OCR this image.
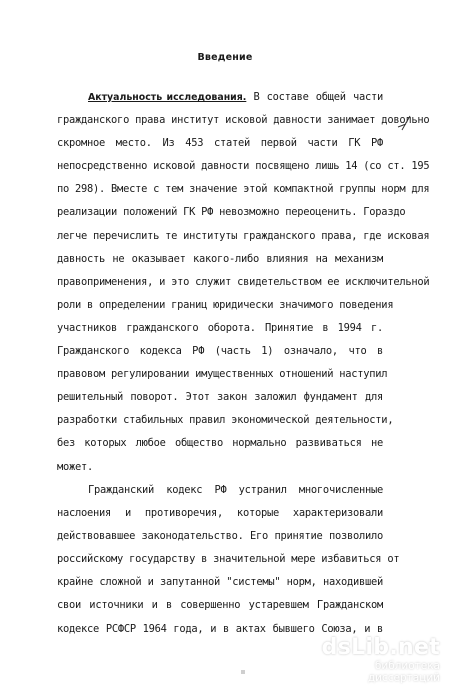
Введение
Актуальность исследования. В составе общей части
гражданского права институт исковой давности занимает довольно
скромное место. Из 453 статей первой части ГК РФ
непосредственно исковой давности посвящено лишь 14 (со ст. 195
по 298). Вместе с тем значение этой компактной группы норм для
реализации положений ГК РФ невозможно переоценить. Гораздо
легче перечислить те институты гражданского права, где исковая
давность не оказывает какого-либо влияния на механизм
правоприменения, и это служит свидетельством ее исключительной
роли в определении границ юридически значимого поведения
участников гражданского оборота. Принятие в 1994 г.
Гражданского кодекса РФ (часть 1) означало, что в
правовом регулировании имущественных отношений наступил
решительный поворот. Этот закон заложил фундамент для
разработки стабильных правил экономической деятельности,
без которых любое общество нормально развиваться не
может.
Гражданский кодекс РФ устранил многочисленные
наслоения и противоречия, которые характеризовали
действовавшее законодательство. Его принятие позволило
российскому государству в значительной мере избавиться от
крайне сложной и запутанной "системы" норм, находившей
свои источники и в совершенно устаревшем Гражданском
кодексе РСФСР 1964 года, и в актах бывшего Союза, и в
dsLib.net
библиотека диссертаций
